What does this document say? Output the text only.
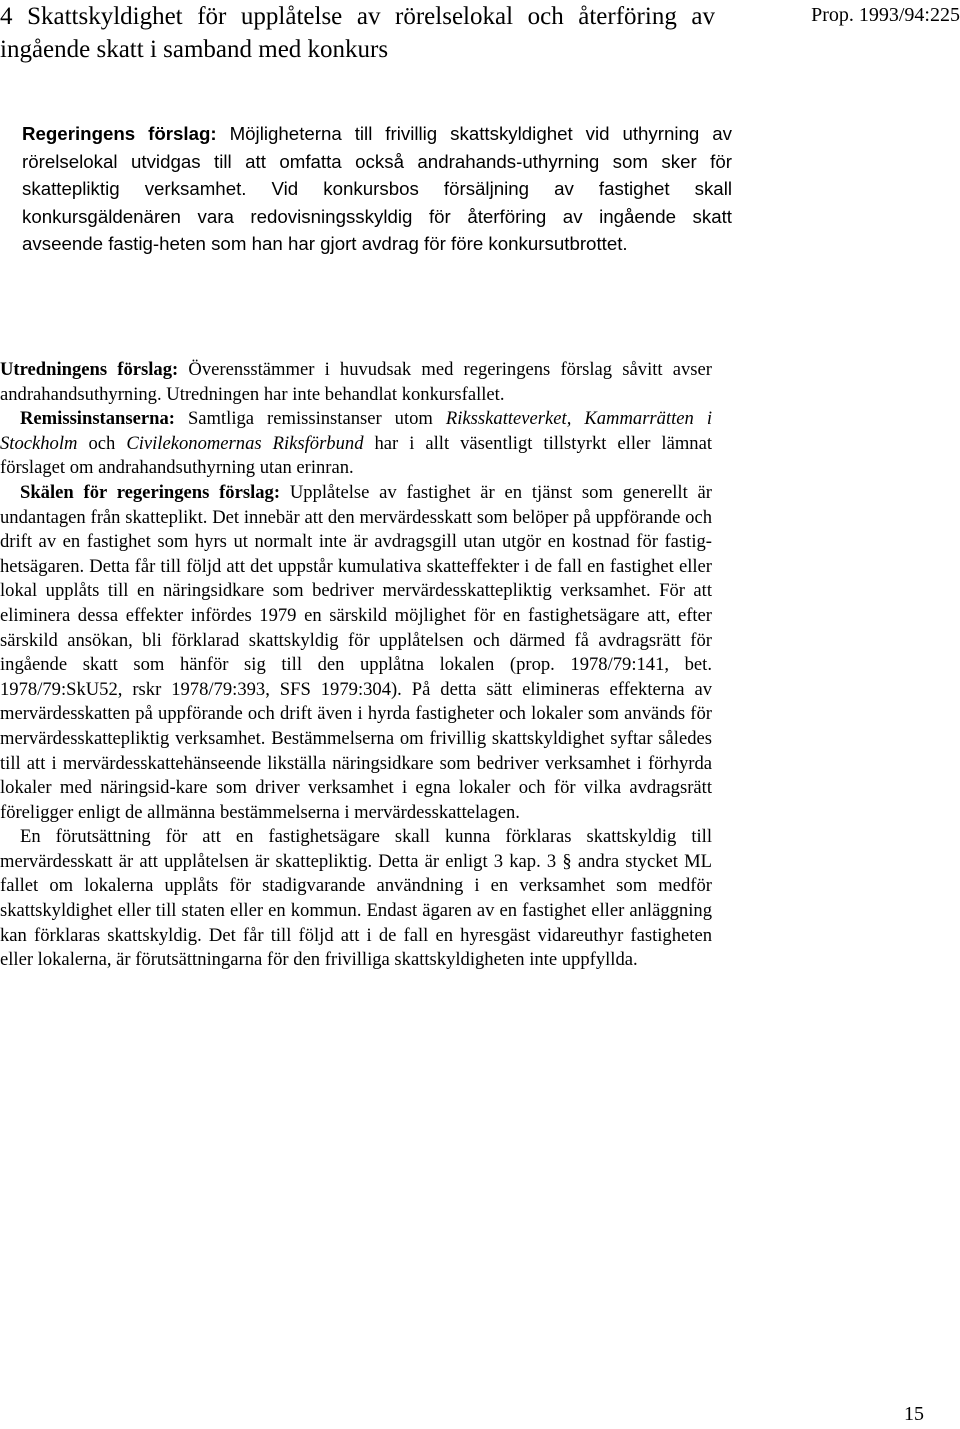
4 Skattskyldighet för upplåtelse av rörelselokal och återföring av ingående skatt i samband med konkurs
Prop. 1993/94:225

Regeringens förslag: Möjligheterna till frivillig skattskyldighet vid uthyrning av rörelselokal utvidgas till att omfatta också andrahands-uthyrning som sker för skattepliktig verksamhet. Vid konkursbos försäljning av fastighet skall konkursgäldenären vara redovisningsskyldig för återföring av ingående skatt avseende fastig-heten som han har gjort avdrag för före konkursutbrottet.

Utredningens förslag: Överensstämmer i huvudsak med regeringens förslag såvitt avser andrahandsuthyrning. Utredningen har inte behandlat konkursfallet.

Remissinstanserna: Samtliga remissinstanser utom Riksskatteverket, Kammarrätten i Stockholm och Civilekonomernas Riksförbund har i allt väsentligt tillstyrkt eller lämnat förslaget om andrahandsuthyrning utan erinran.

Skälen för regeringens förslag: Upplåtelse av fastighet är en tjänst som generellt är undantagen från skatteplikt. Det innebär att den mervärdesskatt som belöper på uppförande och drift av en fastighet som hyrs ut normalt inte är avdragsgill utan utgör en kostnad för fastig-hetsägaren. Detta får till följd att det uppstår kumulativa skatteffekter i de fall en fastighet eller lokal upplåts till en näringsidkare som bedriver mervärdesskattepliktig verksamhet. För att eliminera dessa effekter infördes 1979 en särskild möjlighet för en fastighetsägare att, efter särskild ansökan, bli förklarad skattskyldig för upplåtelsen och därmed få avdragsrätt för ingående skatt som hänför sig till den upplåtna lokalen (prop. 1978/79:141, bet. 1978/79:SkU52, rskr 1978/79:393, SFS 1979:304). På detta sätt elimineras effekterna av mervärdesskatten på uppförande och drift även i hyrda fastigheter och lokaler som används för mervärdesskattepliktig verksamhet. Bestämmelserna om frivillig skattskyldighet syftar således till att i mervärdesskattehänseende likställa näringsidkare som bedriver verksamhet i förhyrda lokaler med näringsid-kare som driver verksamhet i egna lokaler och för vilka avdragsrätt föreligger enligt de allmänna bestämmelserna i mervärdesskattelagen.

En förutsättning för att en fastighetsägare skall kunna förklaras skattskyldig till mervärdesskatt är att upplåtelsen är skattepliktig. Detta är enligt 3 kap. 3 § andra stycket ML fallet om lokalerna upplåts för stadigvarande användning i en verksamhet som medför skattskyldighet eller till staten eller en kommun. Endast ägaren av en fastighet eller anläggning kan förklaras skattskyldig. Det får till följd att i de fall en hyresgäst vidareuthyr fastigheten eller lokalerna, är förutsättningarna för den frivilliga skattskyldigheten inte uppfyllda.

15
